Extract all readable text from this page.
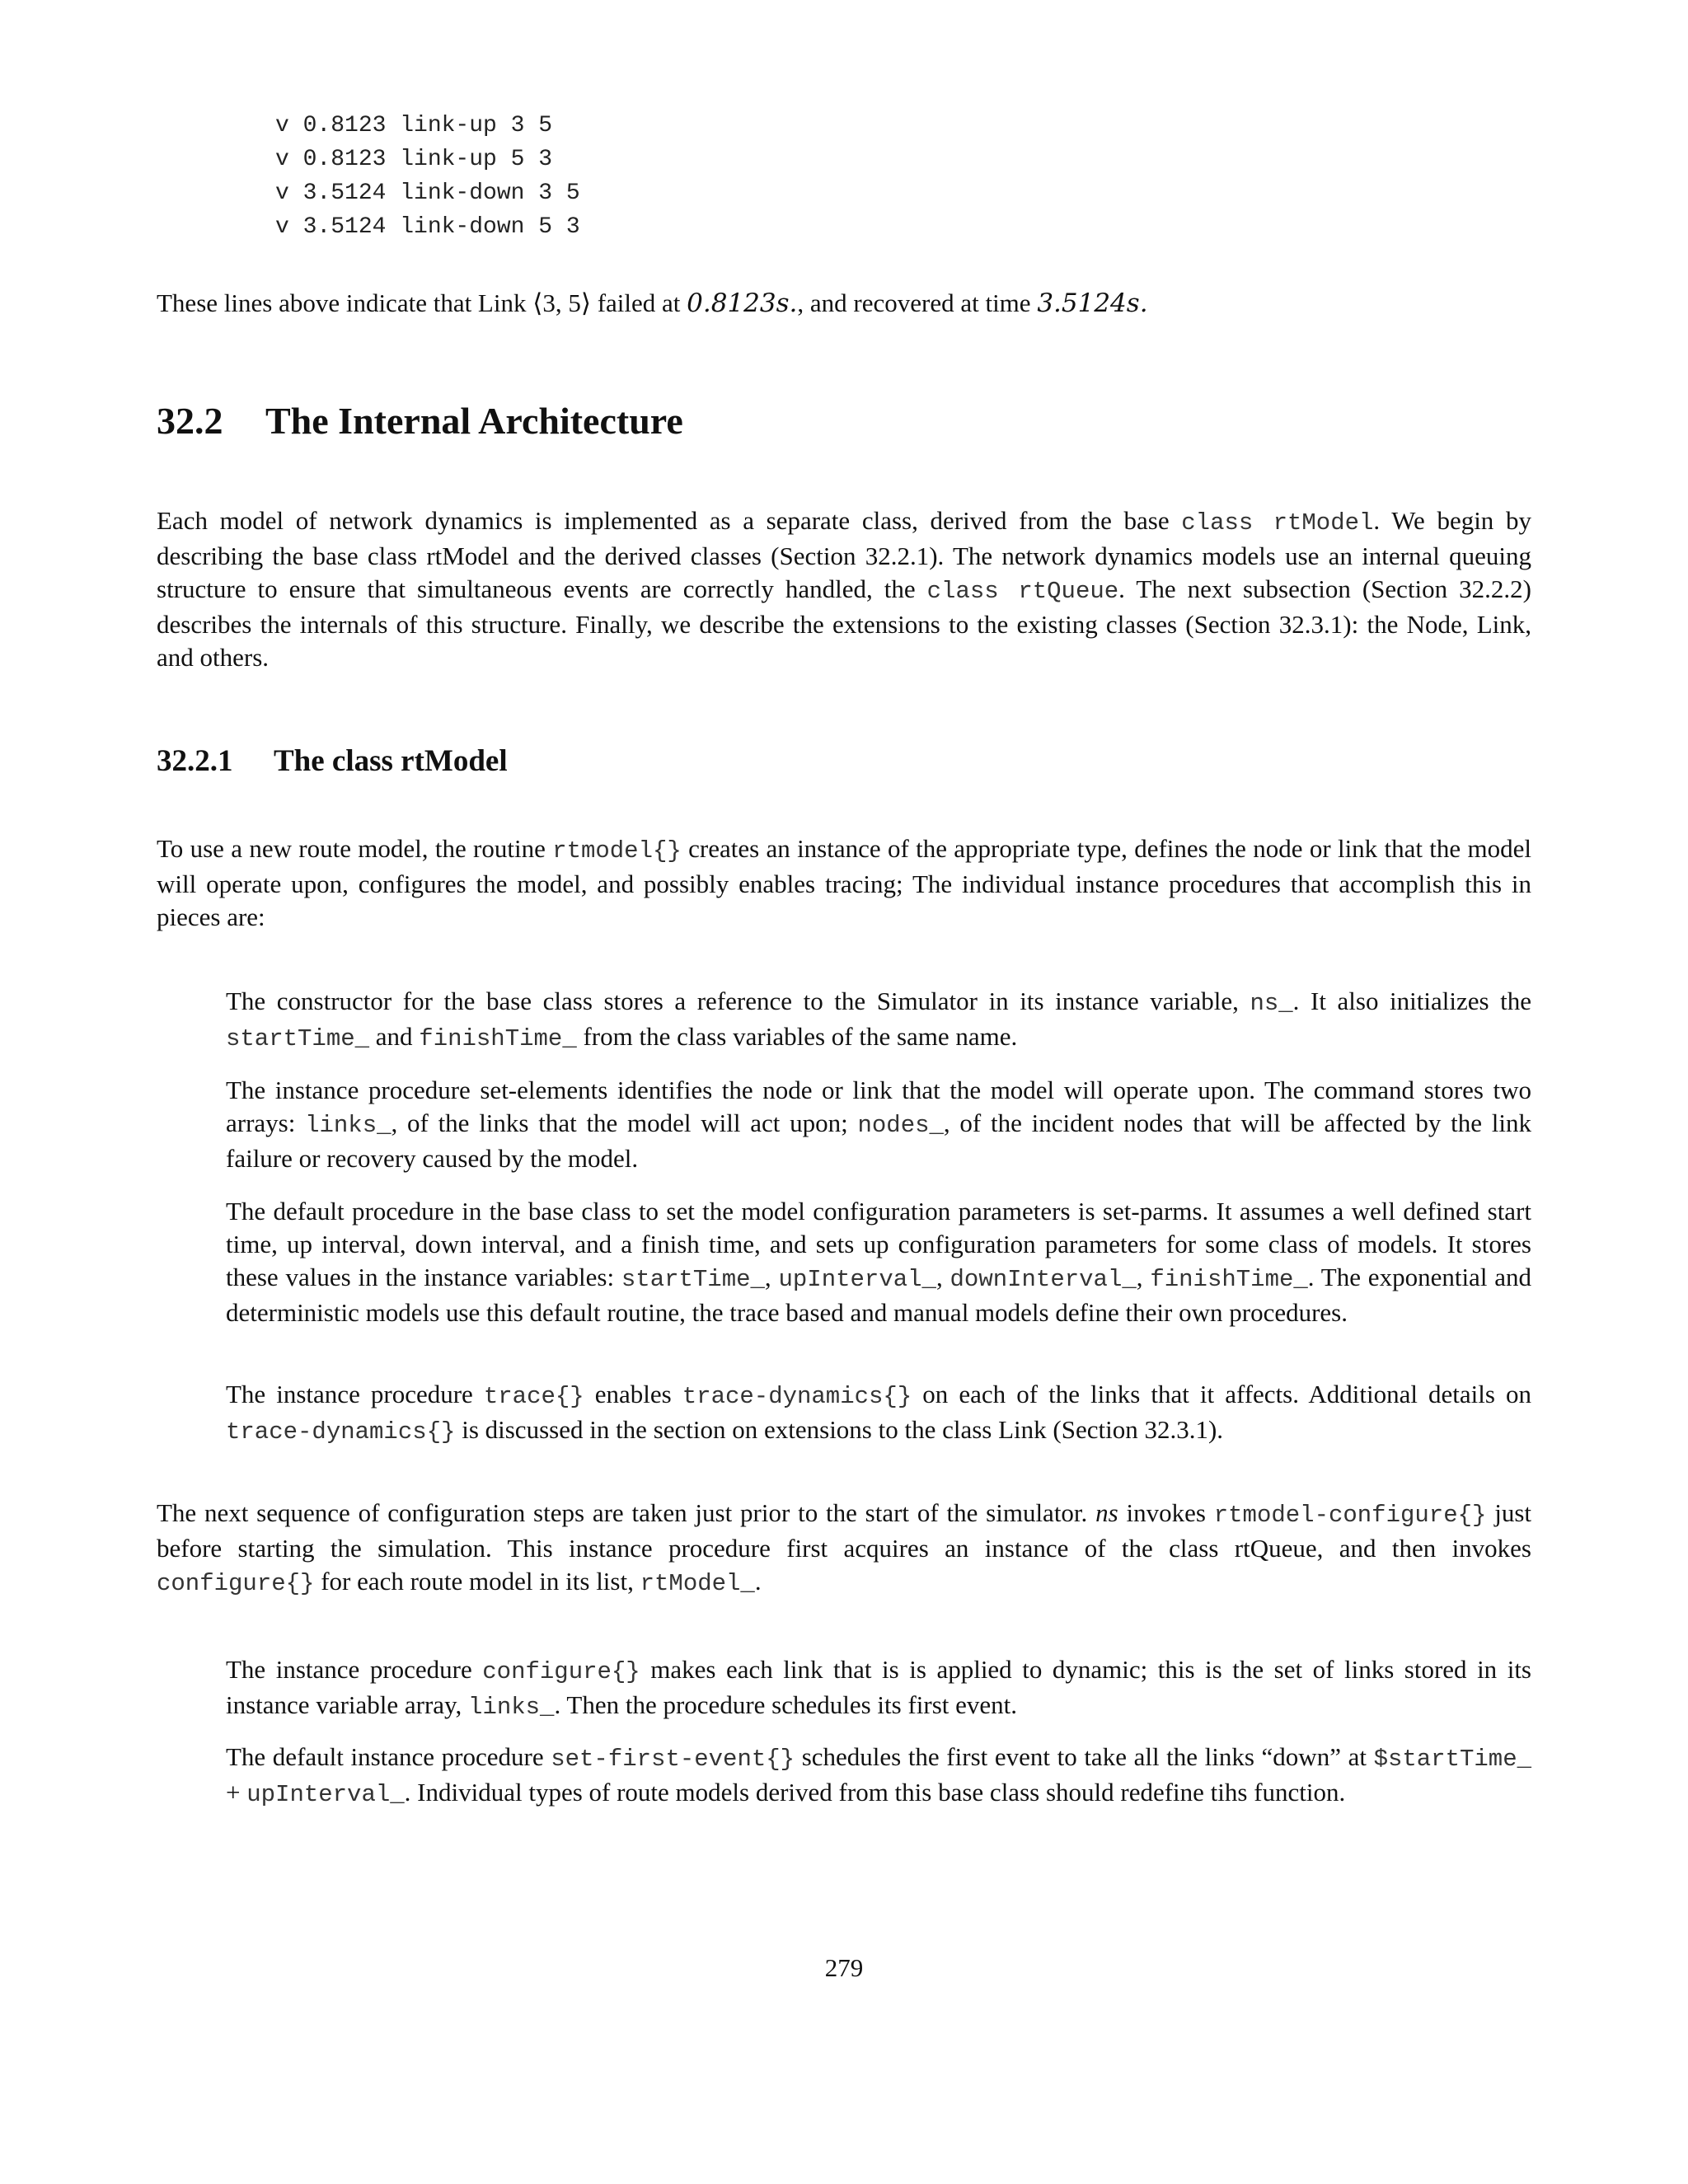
v 0.8123 link-up 3 5
v 0.8123 link-up 5 3
v 3.5124 link-down 3 5
v 3.5124 link-down 5 3

These lines above indicate that Link ⟨3, 5⟩ failed at 0.8123s., and recovered at time 3.5124s.

32.2 The Internal Architecture

Each model of network dynamics is implemented as a separate class, derived from the base class rtModel. We begin by describing the base class rtModel and the derived classes (Section 32.2.1). The network dynamics models use an internal queuing structure to ensure that simultaneous events are correctly handled, the class rtQueue. The next subsection (Section 32.2.2) describes the internals of this structure. Finally, we describe the extensions to the existing classes (Section 32.3.1): the Node, Link, and others.

32.2.1 The class rtModel

To use a new route model, the routine rtmodel{} creates an instance of the appropriate type, defines the node or link that the model will operate upon, configures the model, and possibly enables tracing; The individual instance procedures that accomplish this in pieces are:

The constructor for the base class stores a reference to the Simulator in its instance variable, ns_. It also initializes the startTime_ and finishTime_ from the class variables of the same name.

The instance procedure set-elements identifies the node or link that the model will operate upon. The command stores two arrays: links_, of the links that the model will act upon; nodes_, of the incident nodes that will be affected by the link failure or recovery caused by the model.

The default procedure in the base class to set the model configuration parameters is set-parms. It assumes a well defined start time, up interval, down interval, and a finish time, and sets up configuration parameters for some class of models. It stores these values in the instance variables: startTime_, upInterval_, downInterval_, finishTime_. The exponential and deterministic models use this default routine, the trace based and manual models define their own procedures.

The instance procedure trace{} enables trace-dynamics{} on each of the links that it affects. Additional details on trace-dynamics{} is discussed in the section on extensions to the class Link (Section 32.3.1).

The next sequence of configuration steps are taken just prior to the start of the simulator. ns invokes rtmodel-configure{} just before starting the simulation. This instance procedure first acquires an instance of the class rtQueue, and then invokes configure{} for each route model in its list, rtModel_.

The instance procedure configure{} makes each link that is is applied to dynamic; this is the set of links stored in its instance variable array, links_. Then the procedure schedules its first event.

The default instance procedure set-first-event{} schedules the first event to take all the links “down” at $startTime_ + upInterval_. Individual types of route models derived from this base class should redefine tihs function.

279
